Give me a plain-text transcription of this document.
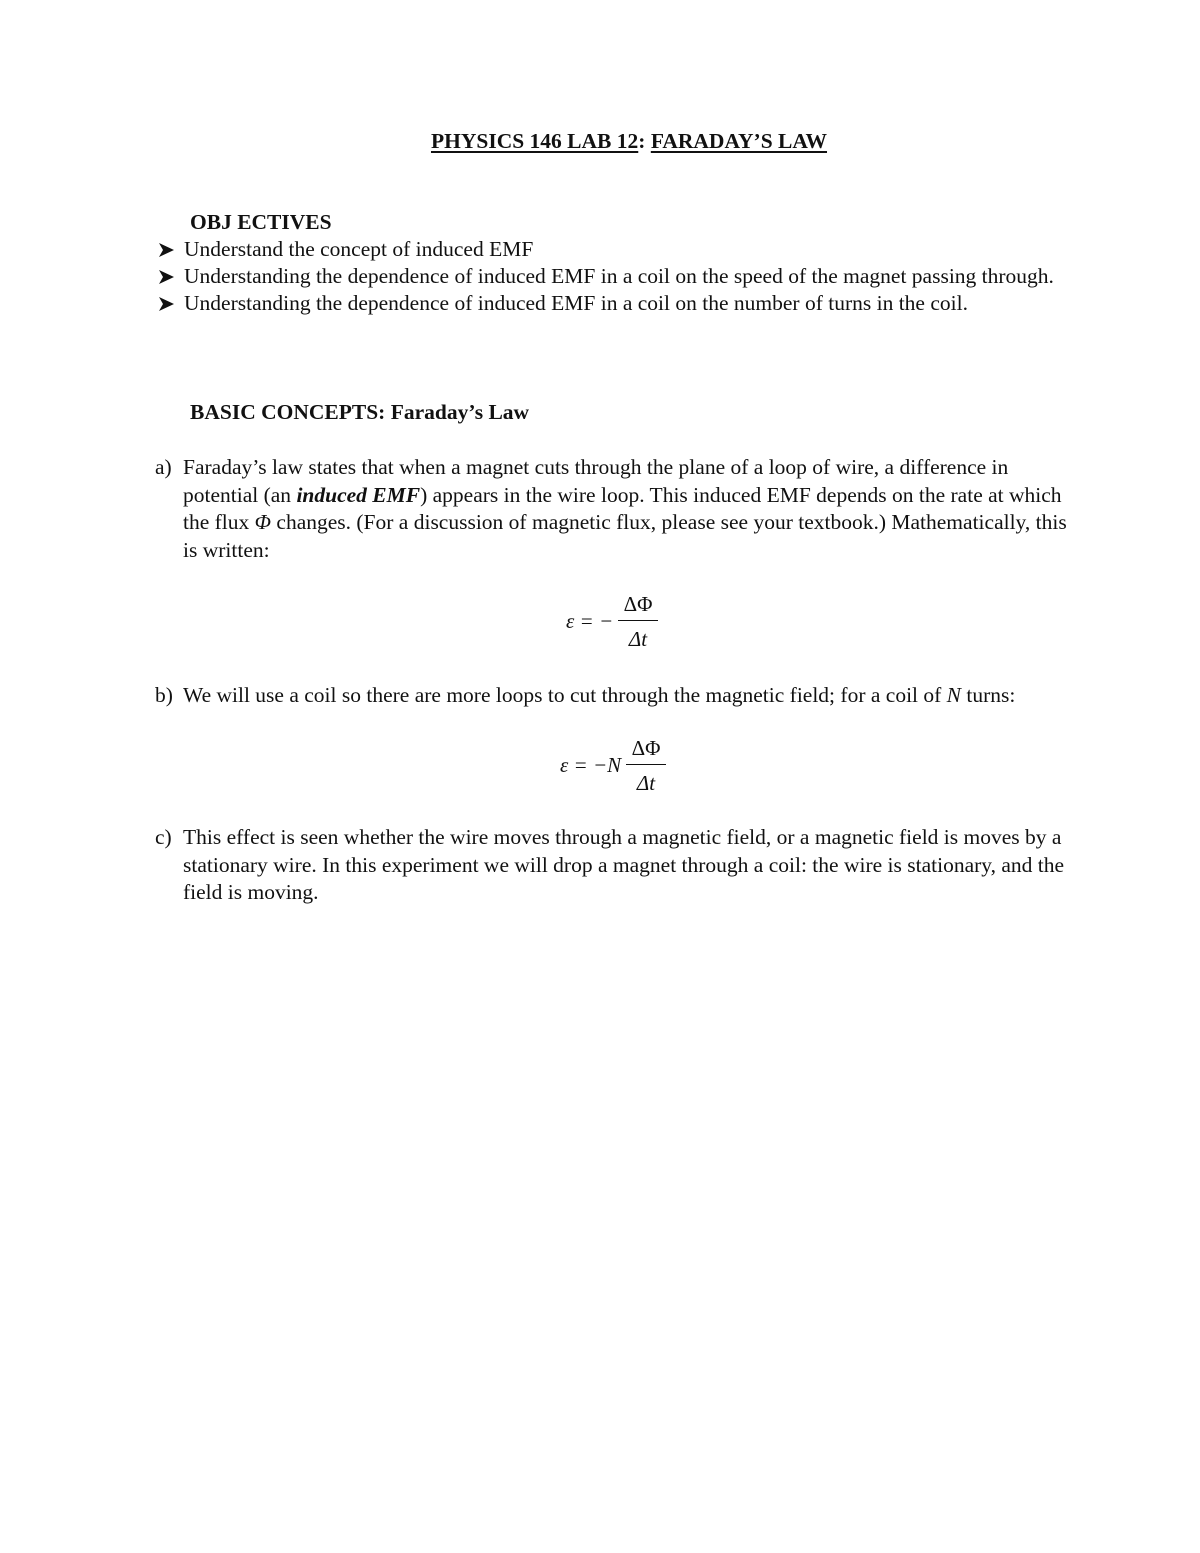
PHYSICS 146 LAB 12: FARADAY’S LAW
OBJ ECTIVES
Understand the concept of induced EMF
Understanding the dependence of induced EMF in a coil on the speed of the magnet passing through.
Understanding the dependence of induced EMF in a coil on the number of turns in the coil.
BASIC CONCEPTS: Faraday’s Law
a) Faraday’s law states that when a magnet cuts through the plane of a loop of wire, a difference in potential (an induced EMF) appears in the wire loop. This induced EMF depends on the rate at which the flux Φ changes. (For a discussion of magnetic flux, please see your textbook.) Mathematically, this is written:
ε = − $\frac{\Delta\Phi}{\Delta t}$
b) We will use a coil so there are more loops to cut through the magnetic field; for a coil of N turns:
$\varepsilon = -N \frac{\Delta\Phi}{\Delta t}$
c) This effect is seen whether the wire moves through a magnetic field, or a magnetic field is moves by a stationary wire. In this experiment we will drop a magnet through a coil: the wire is stationary, and the field is moving.
